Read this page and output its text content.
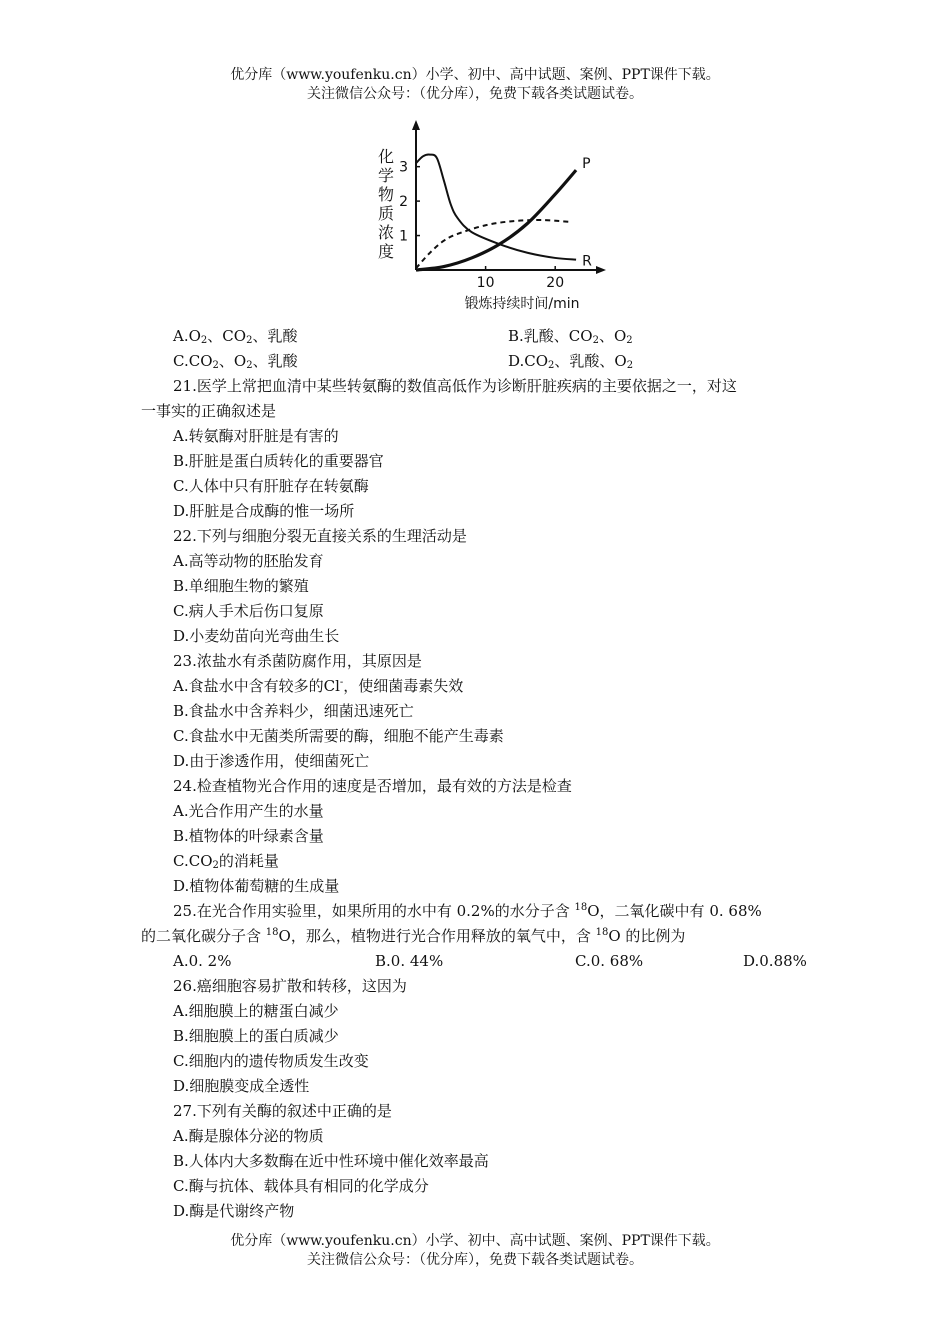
优分库（www.youfenku.cn）小学、初中、高中试题、案例、PPT课件下载。
关注微信公众号：（优分库），免费下载各类试题试卷。
化
学
物
质
浓
度
10	20
1
2
3	P
R
锻炼持续时间/min
$A.O_2$、$CO_2$、乳酸	B.乳酸、$CO_2$、$O_2$
$C.CO_2$、$O_2$、乳酸	$D.CO_2$、乳酸、$O_2$
21.医学上常把血清中某些转氨酶的数值高低作为诊断肝脏疾病的主要依据之一，对这
一事实的正确叙述是
A.转氨酶对肝脏是有害的
B.肝脏是蛋白质转化的重要器官
C.人体中只有肝脏存在转氨酶
D.肝脏是合成酶的惟一场所
22.下列与细胞分裂无直接关系的生理活动是
A.高等动物的胚胎发育
B.单细胞生物的繁殖
C.病人手术后伤口复原
D.小麦幼苗向光弯曲生长
23.浓盐水有杀菌防腐作用，其原因是
A.食盐水中含有较多的Cl-，使细菌毒素失效
B.食盐水中含养料少，细菌迅速死亡
C.食盐水中无菌类所需要的酶，细胞不能产生毒素
D.由于渗透作用，使细菌死亡
24.检查植物光合作用的速度是否增加，最有效的方法是检查
A.光合作用产生的水量
B.植物体的叶绿素含量
$C.CO_2$的消耗量
D.植物体葡萄糖的生成量
25.在光合作用实验里，如果所用的水中有 0.2%的水分子含 $^{18}$O，二氧化碳中有 0. 68%
的二氧化碳分子含 $^{18}$O，那么，植物进行光合作用释放的氧气中，含 $^{18}$O 的比例为
A.0. 2%	B.0. 44%	C.0. 68%	D.0.88%
26.癌细胞容易扩散和转移，这因为
A.细胞膜上的糖蛋白减少
B.细胞膜上的蛋白质减少
C.细胞内的遗传物质发生改变
D.细胞膜变成全透性
27.下列有关酶的叙述中正确的是
A.酶是腺体分泌的物质
B.人体内大多数酶在近中性环境中催化效率最高
C.酶与抗体、载体具有相同的化学成分
D.酶是代谢终产物
优分库（www.youfenku.cn）小学、初中、高中试题、案例、PPT课件下载。
关注微信公众号：（优分库），免费下载各类试题试卷。
